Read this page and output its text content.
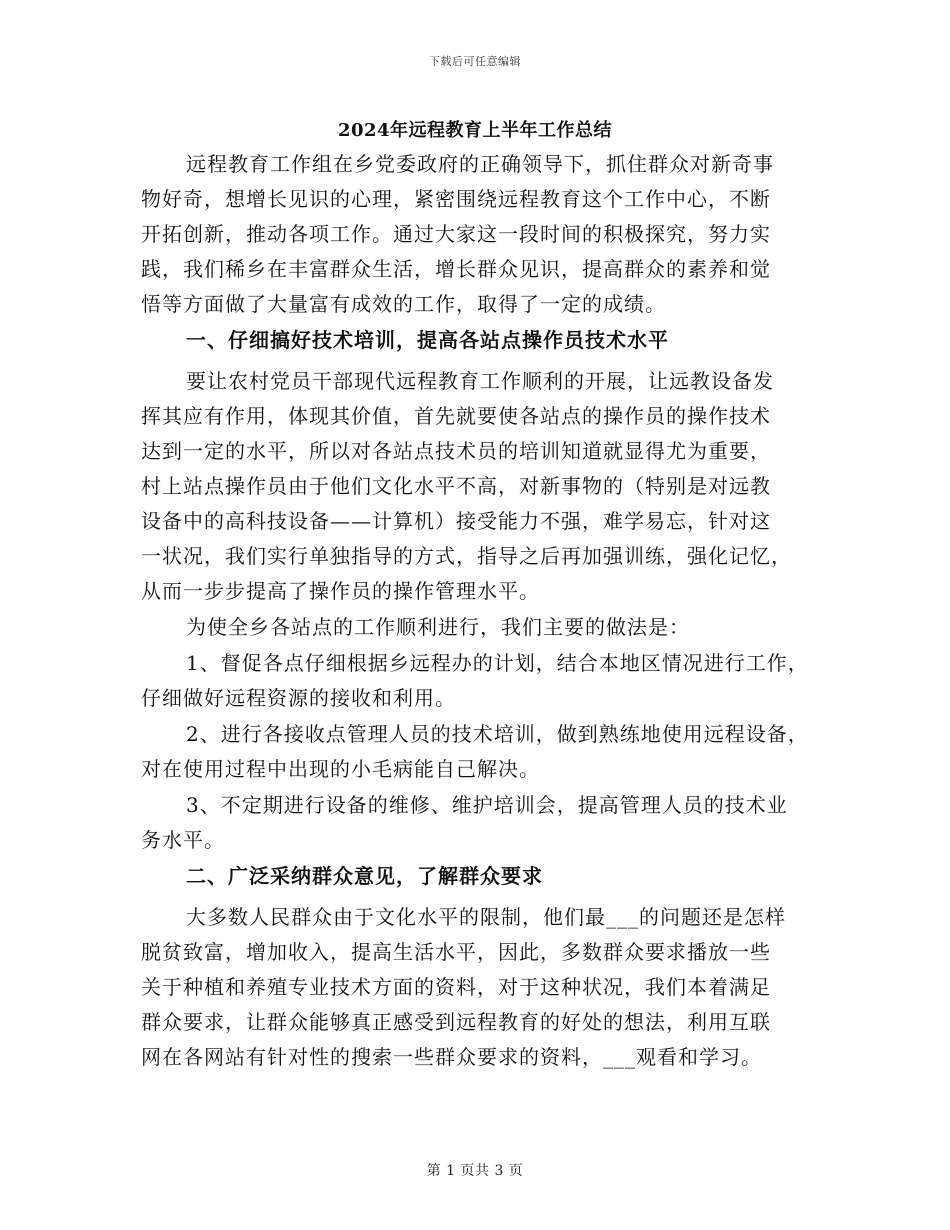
下载后可任意编辑
2024年远程教育上半年工作总结
远程教育工作组在乡党委政府的正确领导下，抓住群众对新奇事
物好奇，想增长见识的心理，紧密围绕远程教育这个工作中心，不断
开拓创新，推动各项工作。通过大家这一段时间的积极探究，努力实
践，我们稀乡在丰富群众生活，增长群众见识，提高群众的素养和觉
悟等方面做了大量富有成效的工作，取得了一定的成绩。
一、仔细搞好技术培训，提高各站点操作员技术水平
要让农村党员干部现代远程教育工作顺利的开展，让远教设备发
挥其应有作用，体现其价值，首先就要使各站点的操作员的操作技术
达到一定的水平，所以对各站点技术员的培训知道就显得尤为重要，
村上站点操作员由于他们文化水平不高，对新事物的（特别是对远教
设备中的高科技设备——计算机）接受能力不强，难学易忘，针对这
一状况，我们实行单独指导的方式，指导之后再加强训练，强化记忆，
从而一步步提高了操作员的操作管理水平。
为使全乡各站点的工作顺利进行，我们主要的做法是：
1、督促各点仔细根据乡远程办的计划，结合本地区情况进行工作，
仔细做好远程资源的接收和利用。
2、进行各接收点管理人员的技术培训，做到熟练地使用远程设备，
对在使用过程中出现的小毛病能自己解决。
3、不定期进行设备的维修、维护培训会，提高管理人员的技术业
务水平。
二、广泛采纳群众意见，了解群众要求
大多数人民群众由于文化水平的限制，他们最___的问题还是怎样
脱贫致富，增加收入，提高生活水平，因此，多数群众要求播放一些
关于种植和养殖专业技术方面的资料，对于这种状况，我们本着满足
群众要求，让群众能够真正感受到远程教育的好处的想法，利用互联
网在各网站有针对性的搜索一些群众要求的资料，___观看和学习。
第 1 页共 3 页
